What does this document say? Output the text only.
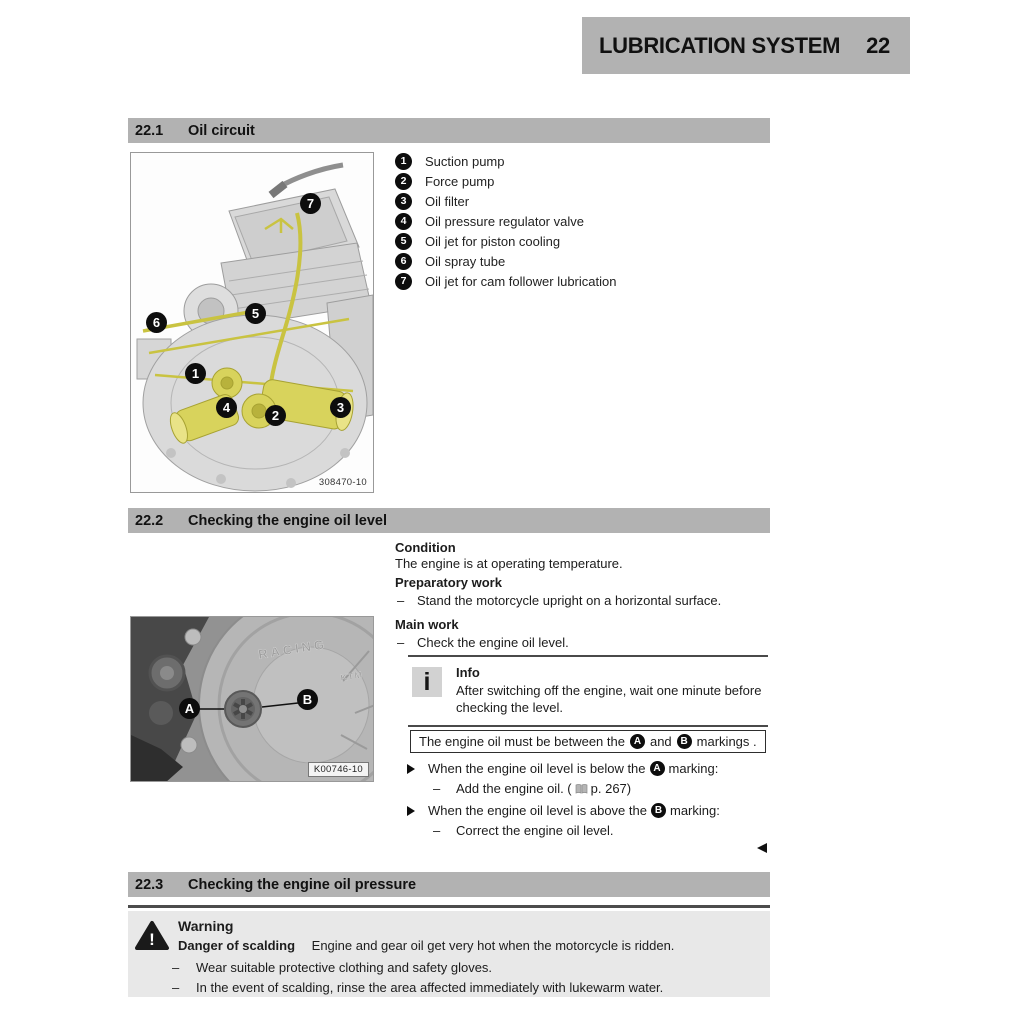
LUBRICATION SYSTEM 22
22.1	Oil circuit
7
5
6
1
4
2
3
308470-10
1	Suction pump
2	Force pump
3	Oil filter
4	Oil pressure regulator valve
5	Oil jet for piston cooling
6	Oil spray tube
7	Oil jet for cam follower lubrication
22.2	Checking the engine oil level
RACING
KTM
A
B
K00746-10
Condition

The engine is at operating temperature.

Preparatory work
– Stand the motorcycle upright on a horizontal surface.
Main work
– Check the engine oil level.
i	Info
After switching off the engine, wait one minute before checking the level.
The engine oil must be between the A and B markings .
When the engine oil level is below the A marking:
–	Add the engine oil. ( p. 267 )
When the engine oil level is above the B marking:
–	Correct the engine oil level.
22.3	Checking the engine oil pressure
!
Warning
Danger of scalding Engine and gear oil get very hot when the motorcycle is ridden.
–	Wear suitable protective clothing and safety gloves.
–	In the event of scalding, rinse the area affected immediately with lukewarm water.
